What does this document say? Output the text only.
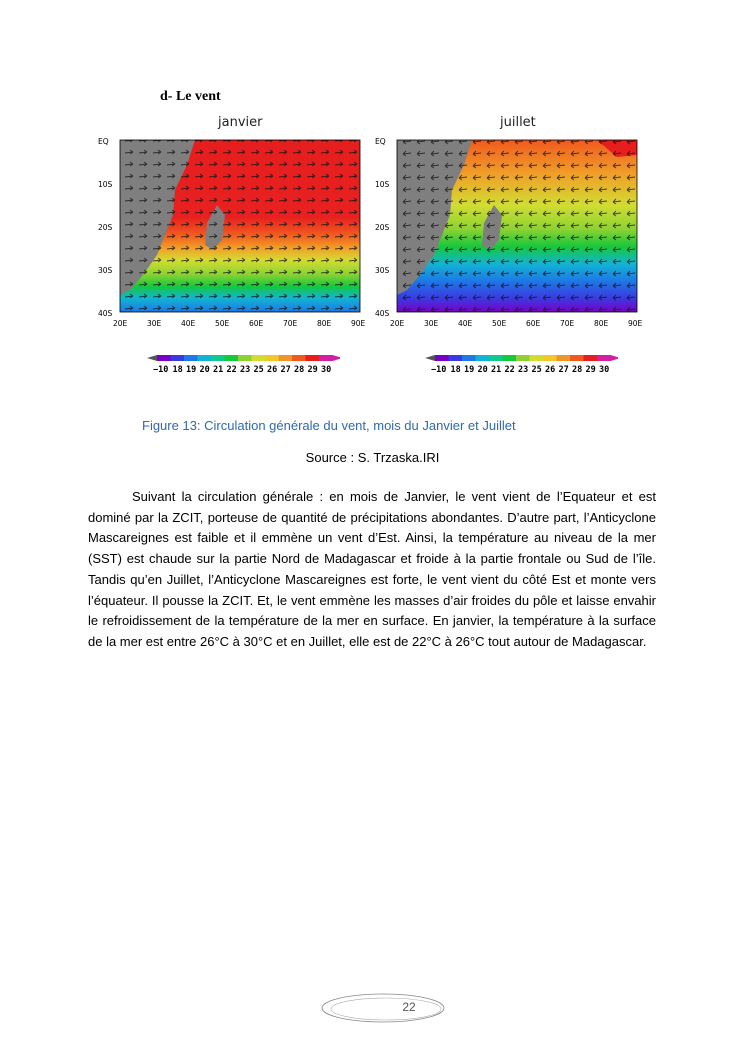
d- Le vent
janvier
EQ
10S
20S
30S
40S
20E	30E	40E	50E	60E	70E	80E	90E
juillet
EQ
10S
20S
30S
40S
20E	30E	40E	50E	60E	70E	80E	90E
−10 18 19 20 21 22 23 25 26 27 28 29 30	−10 18 19 20 21 22 23 25 26 27 28 29 30
Figure 13: Circulation générale du vent, mois du Janvier et Juillet
Source : S. Trzaska.IRI

Suivant la circulation générale : en mois de Janvier, le vent vient de l’Equateur et est dominé par la ZCIT, porteuse de quantité de précipitations abondantes. D’autre part, l’Anticyclone Mascareignes est faible et il emmène un vent d’Est. Ainsi, la température au niveau de la mer (SST) est chaude sur la partie Nord de Madagascar et froide à la partie frontale ou Sud de l’île. Tandis qu’en Juillet, l’Anticyclone Mascareignes est forte, le vent vient du côté Est et monte vers l’équateur. Il pousse la ZCIT. Et, le vent emmène les masses d’air froides du pôle et laisse envahir le refroidissement de la température de la mer en surface. En janvier, la température à la surface de la mer est entre 26°C à 30°C et en Juillet, elle est de 22°C à 26°C tout autour de Madagascar.

22
